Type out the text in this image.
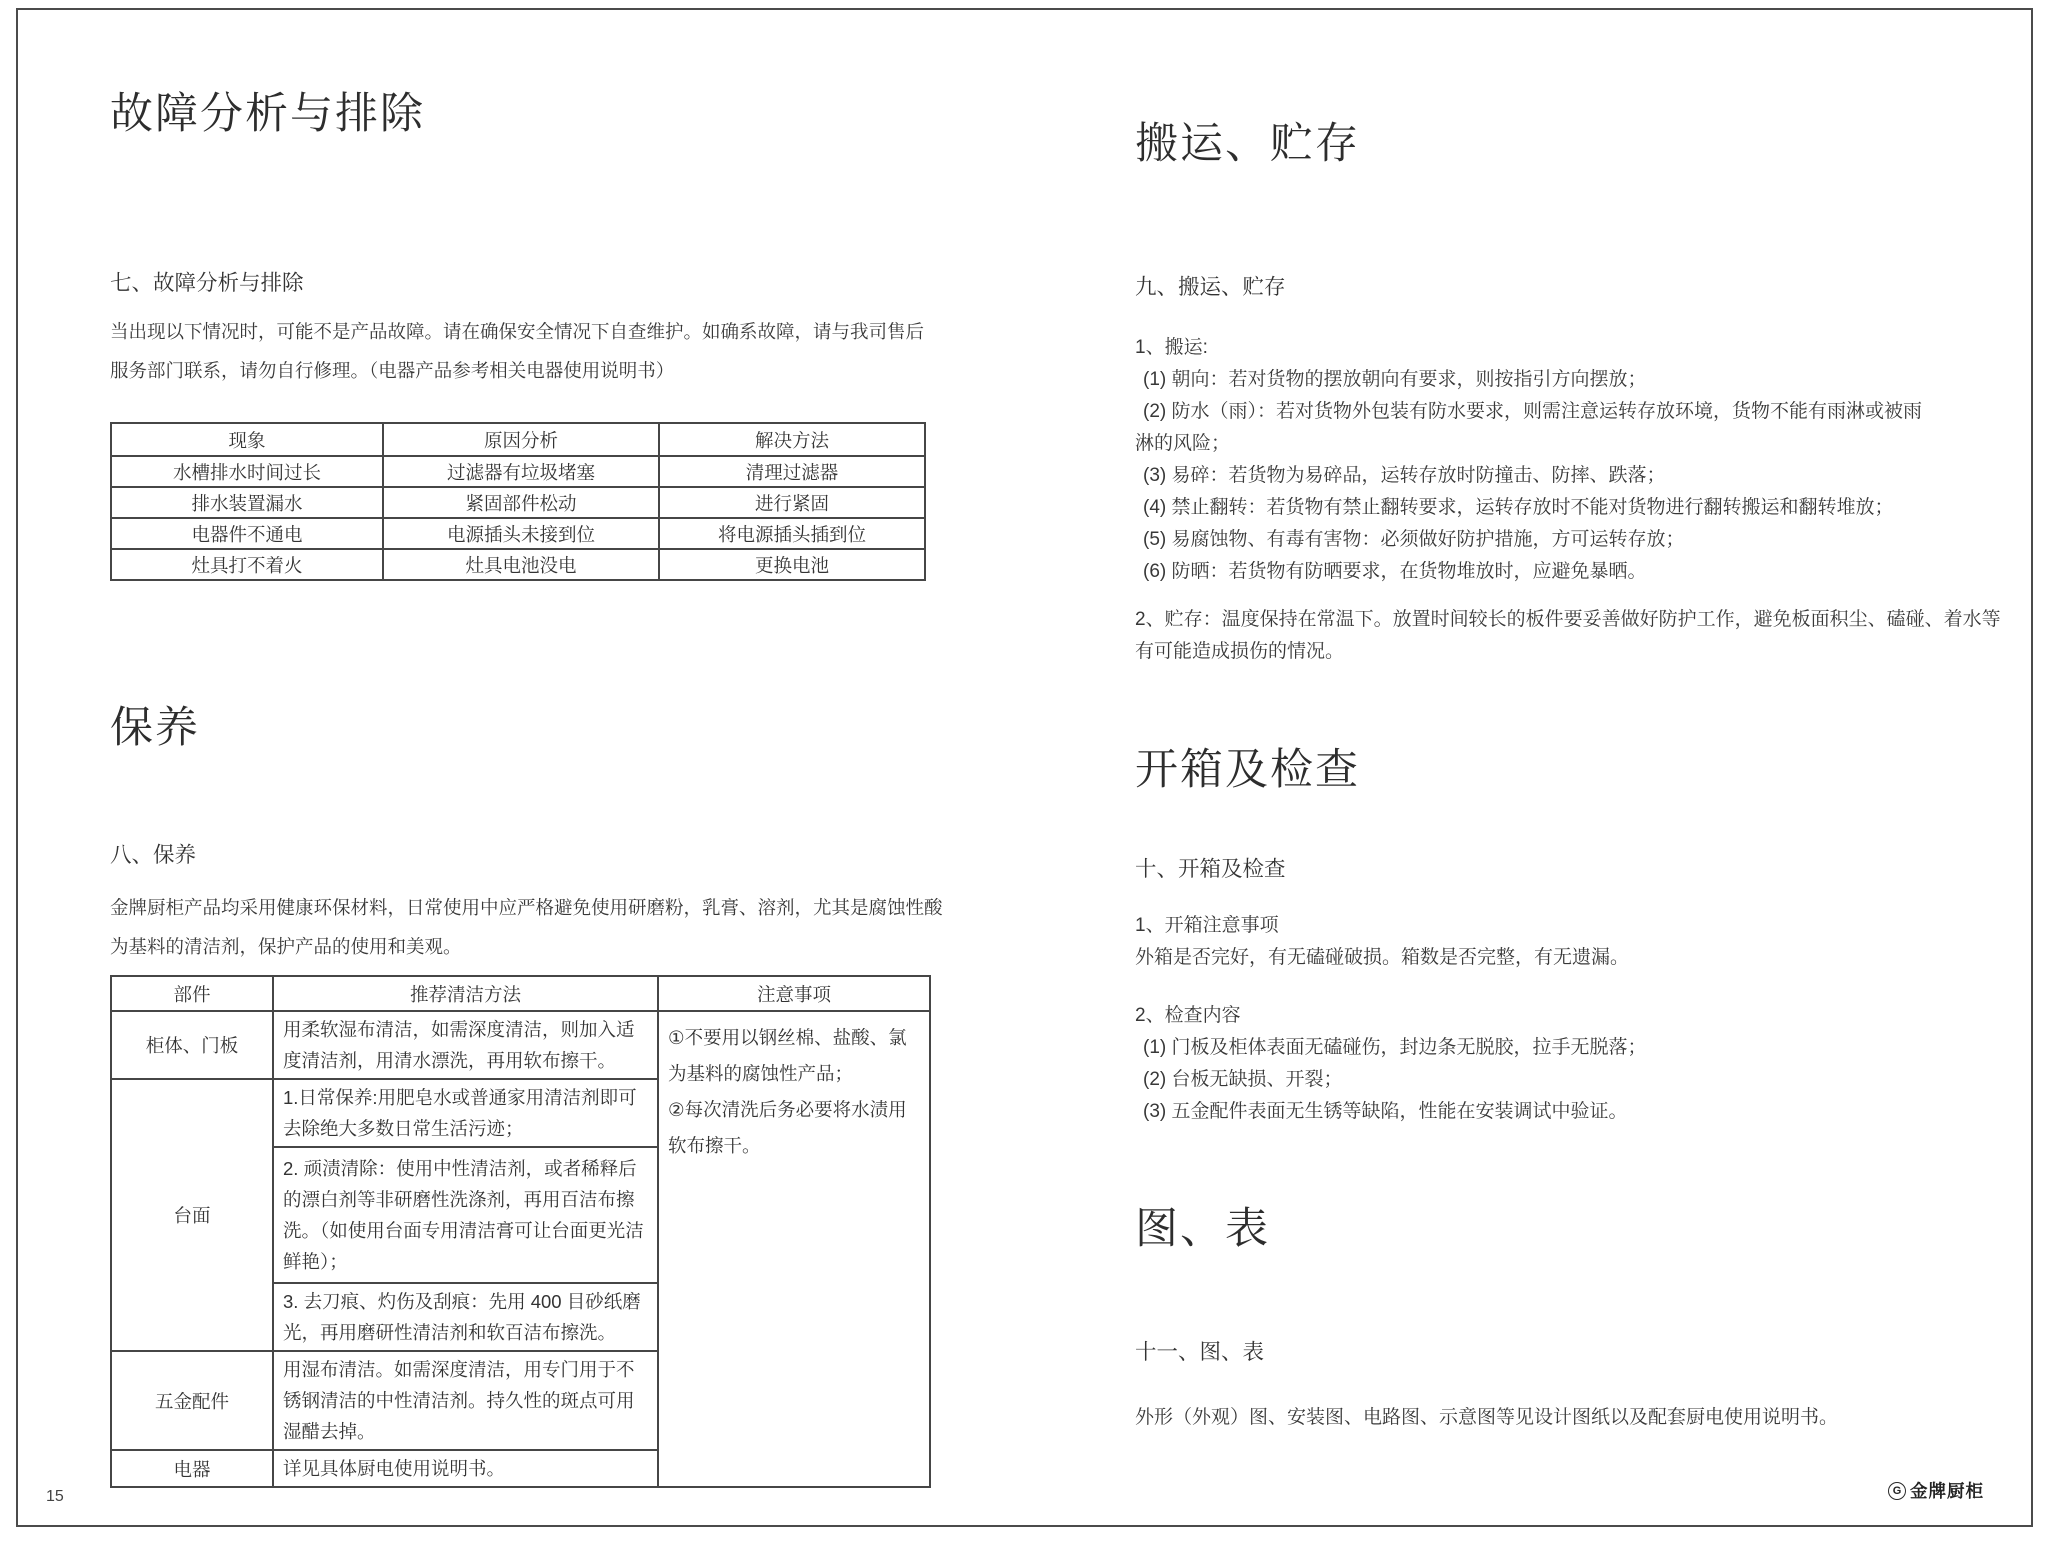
故障分析与排除
七、故障分析与排除
当出现以下情况时，可能不是产品故障。请在确保安全情况下自查维护。如确系故障，请与我司售后服务部门联系，请勿自行修理。（电器产品参考相关电器使用说明书）
现象	原因分析	解决方法
水槽排水时间过长	过滤器有垃圾堵塞	清理过滤器
排水装置漏水	紧固部件松动	进行紧固
电器件不通电	电源插头未接到位	将电源插头插到位
灶具打不着火	灶具电池没电	更换电池
保养
八、保养
金牌厨柜产品均采用健康环保材料，日常使用中应严格避免使用研磨粉，乳膏、溶剂，尤其是腐蚀性酸为基料的清洁剂，保护产品的使用和美观。
部件	推荐清洁方法	注意事项
柜体、门板	用柔软湿布清洁，如需深度清洁，则加入适度清洁剂，用清水漂洗，再用软布擦干。	①不要用以钢丝棉、盐酸、氯为基料的腐蚀性产品；
②每次清洗后务必要将水渍用软布擦干。

台面	1.日常保养:用肥皂水或普通家用清洁剂即可去除绝大多数日常生活污迹；	
	2. 顽渍清除：使用中性清洁剂，或者稀释后的漂白剂等非研磨性洗涤剂，再用百洁布擦洗。（如使用台面专用清洁膏可让台面更光洁鲜艳）；	
	3. 去刀痕、灼伤及刮痕：先用 400 目砂纸磨光，再用磨研性清洁剂和软百洁布擦洗。	
五金配件	用湿布清洁。如需深度清洁，用专门用于不锈钢清洁的中性清洁剂。持久性的斑点可用湿醋去掉。	
电器	详见具体厨电使用说明书。	
搬运、贮存
九、搬运、贮存

1、搬运:

(1) 朝向：若对货物的摆放朝向有要求，则按指引方向摆放；

(2) 防水（雨）：若对货物外包装有防水要求，则需注意运转存放环境，货物不能有雨淋或被雨淋的风险；

(3) 易碎：若货物为易碎品，运转存放时防撞击、防摔、跌落；

(4) 禁止翻转：若货物有禁止翻转要求，运转存放时不能对货物进行翻转搬运和翻转堆放；

(5) 易腐蚀物、有毒有害物：必须做好防护措施，方可运转存放；

(6) 防晒：若货物有防晒要求，在货物堆放时，应避免暴晒。

2、贮存：温度保持在常温下。放置时间较长的板件要妥善做好防护工作，避免板面积尘、磕碰、着水等有可能造成损伤的情况。

开箱及检查
十、开箱及检查

1、开箱注意事项

外箱是否完好，有无磕碰破损。箱数是否完整，有无遗漏。

2、检查内容

(1) 门板及柜体表面无磕碰伤，封边条无脱胶，拉手无脱落；

(2) 台板无缺损、开裂；

(3) 五金配件表面无生锈等缺陷，性能在安装调试中验证。

图、表
十一、图、表

外形（外观）图、安装图、电路图、示意图等见设计图纸以及配套厨电使用说明书。

15	G 金牌厨柜
